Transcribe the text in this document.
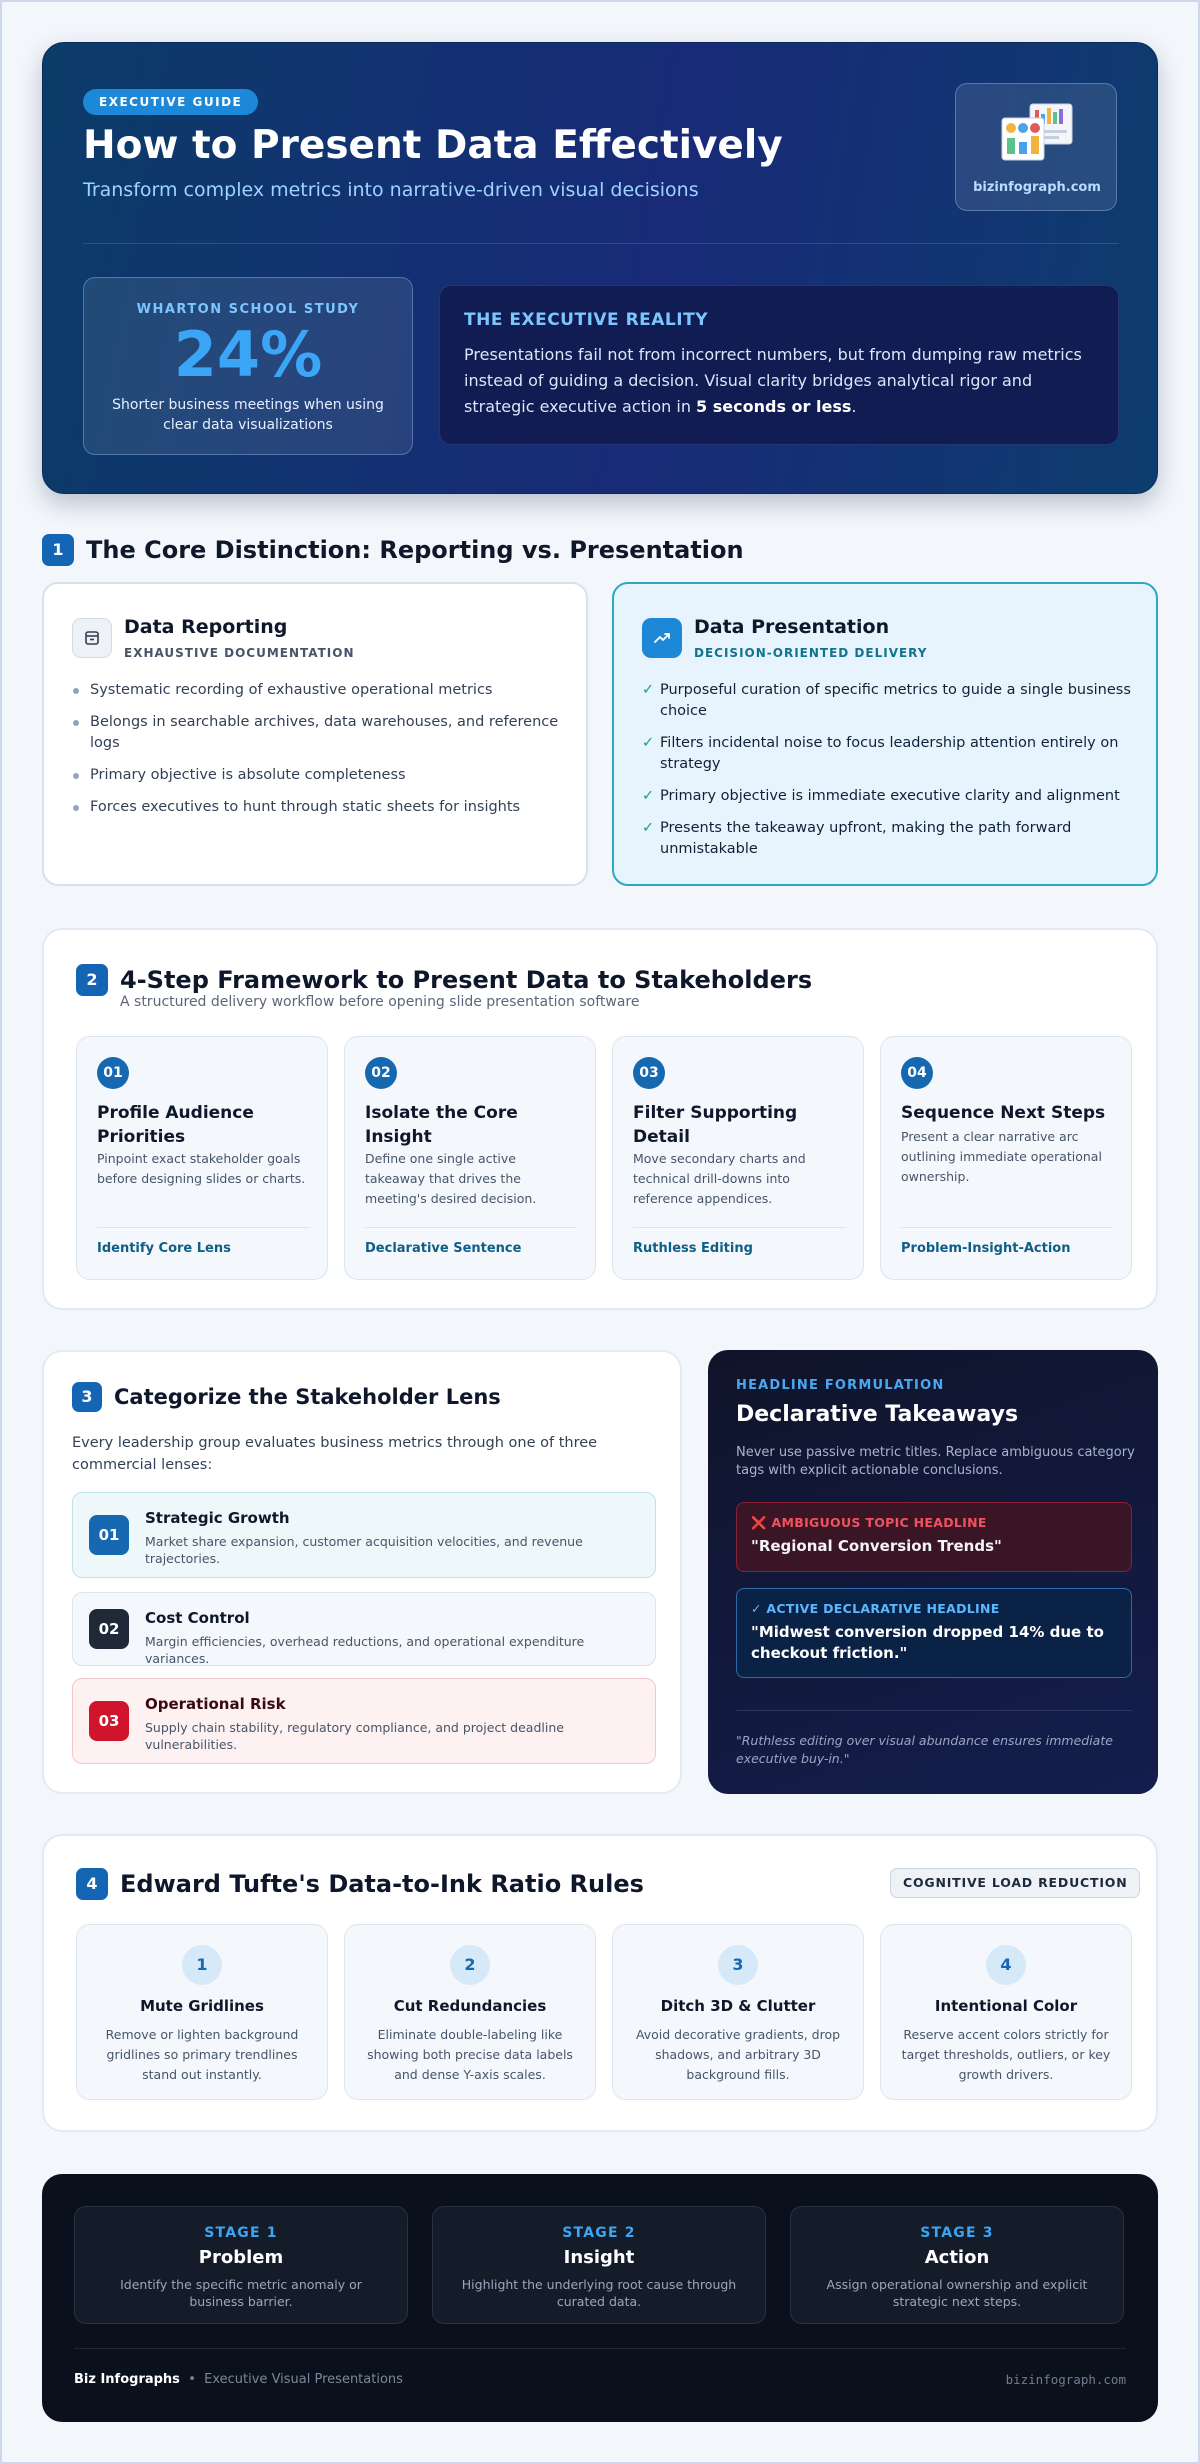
EXECUTIVE GUIDE
How to Present Data Effectively
Transform complex metrics into narrative-driven visual decisions	bizinfograph.com
WHARTON SCHOOL STUDY
24%
Shorter business meetings when using clear data visualizations
THE EXECUTIVE REALITY

Presentations fail not from incorrect numbers, but from dumping raw metrics instead of guiding a decision. Visual clarity bridges analytical rigor and strategic executive action in 5 seconds or less.

1 The Core Distinction: Reporting vs. Presentation
Data Reporting
EXHAUSTIVE DOCUMENTATION
Systematic recording of exhaustive operational metrics
Belongs in searchable archives, data warehouses, and reference logs
Primary objective is absolute completeness
Forces executives to hunt through static sheets for insights
Data Presentation
DECISION-ORIENTED DELIVERY
✓ Purposeful curation of specific metrics to guide a single business choice
✓ Filters incidental noise to focus leadership attention entirely on strategy
✓ Primary objective is immediate executive clarity and alignment
✓ Presents the takeaway upfront, making the path forward unmistakable
2 4-Step Framework to Present Data to Stakeholders
A structured delivery workflow before opening slide presentation software
01
Profile Audience Priorities
Pinpoint exact stakeholder goals before designing slides or charts.
Identify Core Lens
02
Isolate the Core Insight
Define one single active takeaway that drives the meeting's desired decision.
Declarative Sentence
03
Filter Supporting Detail
Move secondary charts and technical drill-downs into reference appendices.
Ruthless Editing
04
Sequence Next Steps
Present a clear narrative arc outlining immediate operational ownership.
Problem-Insight-Action
3	Categorize the Stakeholder Lens

Every leadership group evaluates business metrics through one of three commercial lenses:

01
Strategic Growth
Market share expansion, customer acquisition velocities, and revenue trajectories.
02
Cost Control
Margin efficiencies, overhead reductions, and operational expenditure variances.
03
Operational Risk
Supply chain stability, regulatory compliance, and project deadline vulnerabilities.
HEADLINE FORMULATION
Declarative Takeaways

Never use passive metric titles. Replace ambiguous category tags with explicit actionable conclusions.

❌ AMBIGUOUS TOPIC HEADLINE
"Regional Conversion Trends"
✓ ACTIVE DECLARATIVE HEADLINE
"Midwest conversion dropped 14% due to checkout friction."

"Ruthless editing over visual abundance ensures immediate executive buy-in."

4 Edward Tufte's Data-to-Ink Ratio Rules	COGNITIVE LOAD REDUCTION
1
Mute Gridlines
Remove or lighten background gridlines so primary trendlines stand out instantly.
2
Cut Redundancies
Eliminate double-labeling like showing both precise data labels and dense Y-axis scales.
3
Ditch 3D & Clutter
Avoid decorative gradients, drop shadows, and arbitrary 3D background fills.
4
Intentional Color
Reserve accent colors strictly for target thresholds, outliers, or key growth drivers.
STAGE 1
Problem
Identify the specific metric anomaly or business barrier.
STAGE 2
Insight
Highlight the underlying root cause through curated data.
STAGE 3
Action
Assign operational ownership and explicit strategic next steps.
Biz Infographs • Executive Visual Presentations	bizinfograph.com
